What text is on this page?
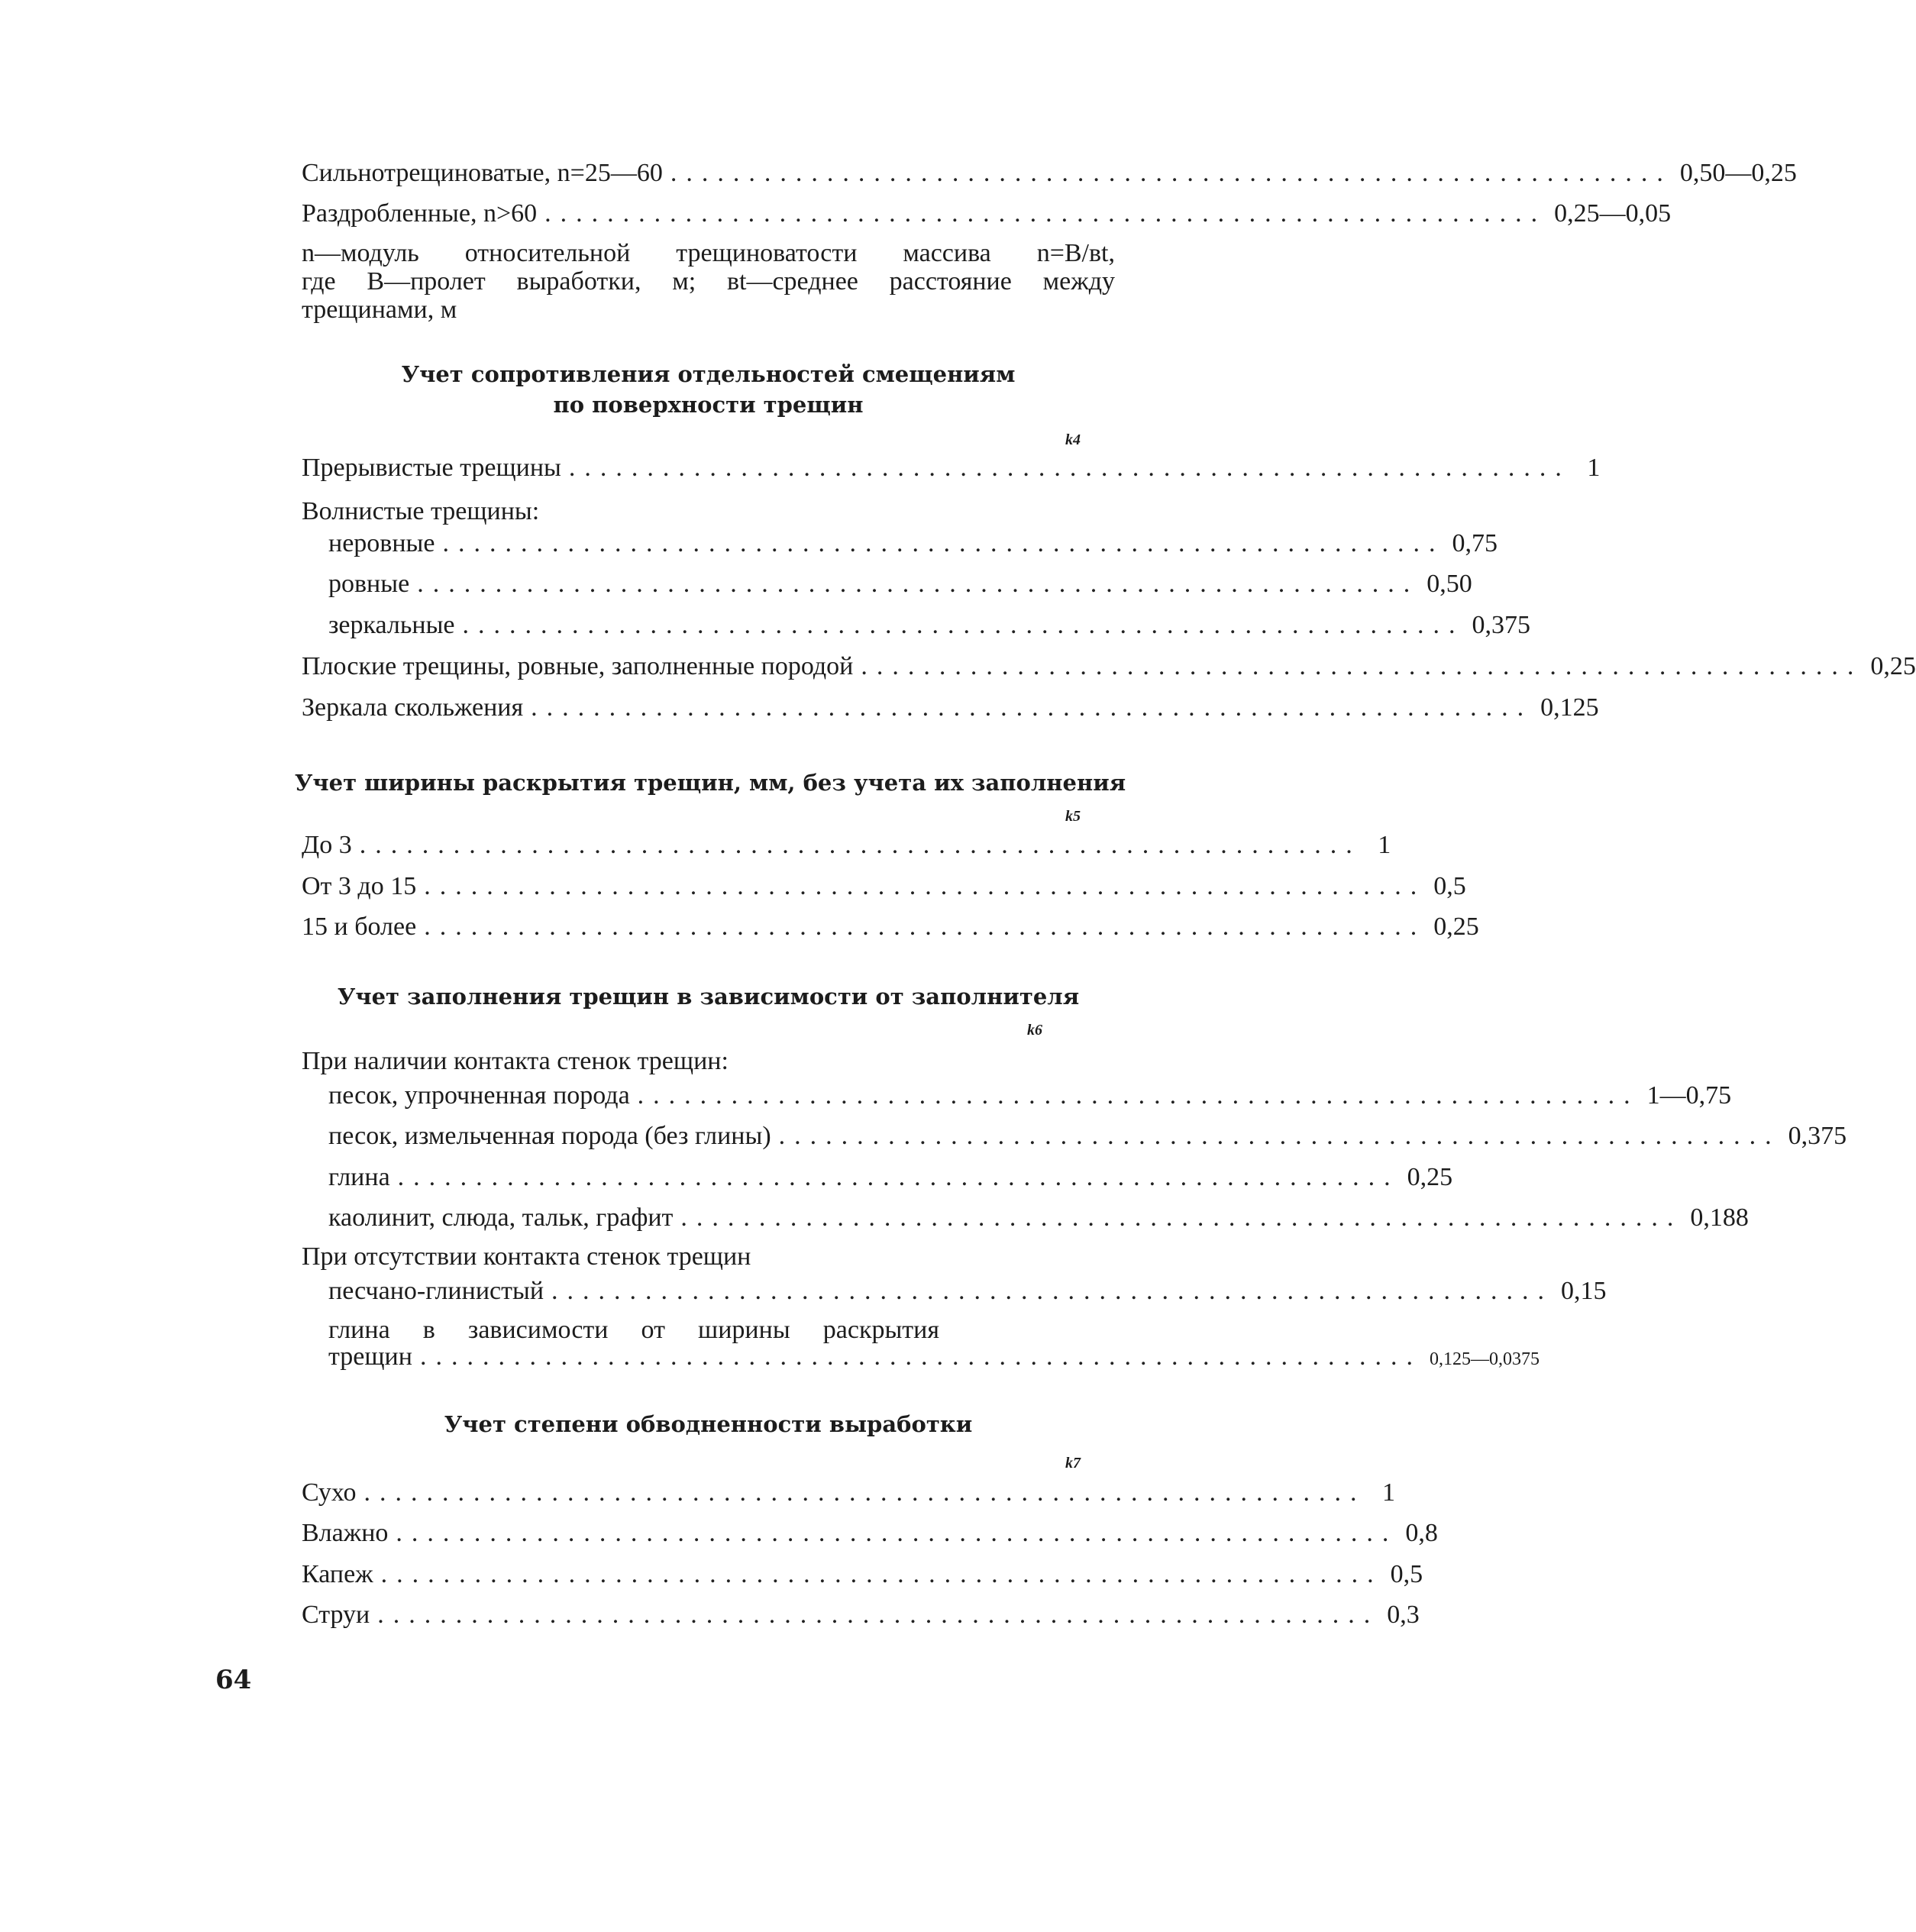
Сильнотрещиноватые, n=25—60 ................................................................ 0,50—0,25
Раздробленные, n>60 ................................................................ 0,25—0,05
n—модуль относительной трещиноватости массива n=B/вt,
где B—пролет выработки, м; вt—среднее расстояние между
трещинами, м
Учет сопротивления отдельностей смещениям
по поверхности трещин
k4
Прерывистые трещины ................................................................ 1
Волнистые трещины:
неровные ................................................................ 0,75
ровные ................................................................ 0,50
зеркальные ................................................................ 0,375
Плоские трещины, ровные, заполненные породой ................................................................ 0,25
Зеркала скольжения ................................................................ 0,125
Учет ширины раскрытия трещин, мм, без учета их заполнения
k5
До 3 ................................................................ 1
От 3 до 15 ................................................................ 0,5
15 и более ................................................................ 0,25
Учет заполнения трещин в зависимости от заполнителя
k6
При наличии контакта стенок трещин:
песок, упрочненная порода ................................................................ 1—0,75
песок, измельченная порода (без глины) ................................................................ 0,375
глина ................................................................ 0,25
каолинит, слюда, тальк, графит ................................................................ 0,188
При отсутствии контакта стенок трещин
песчано-глинистый ................................................................ 0,15
глина в зависимости от ширины раскрытия
трещин ................................................................ 0,125—0,0375
Учет степени обводненности выработки
k7
Сухо ................................................................ 1
Влажно ................................................................ 0,8
Капеж ................................................................ 0,5
Струи ................................................................ 0,3
64
